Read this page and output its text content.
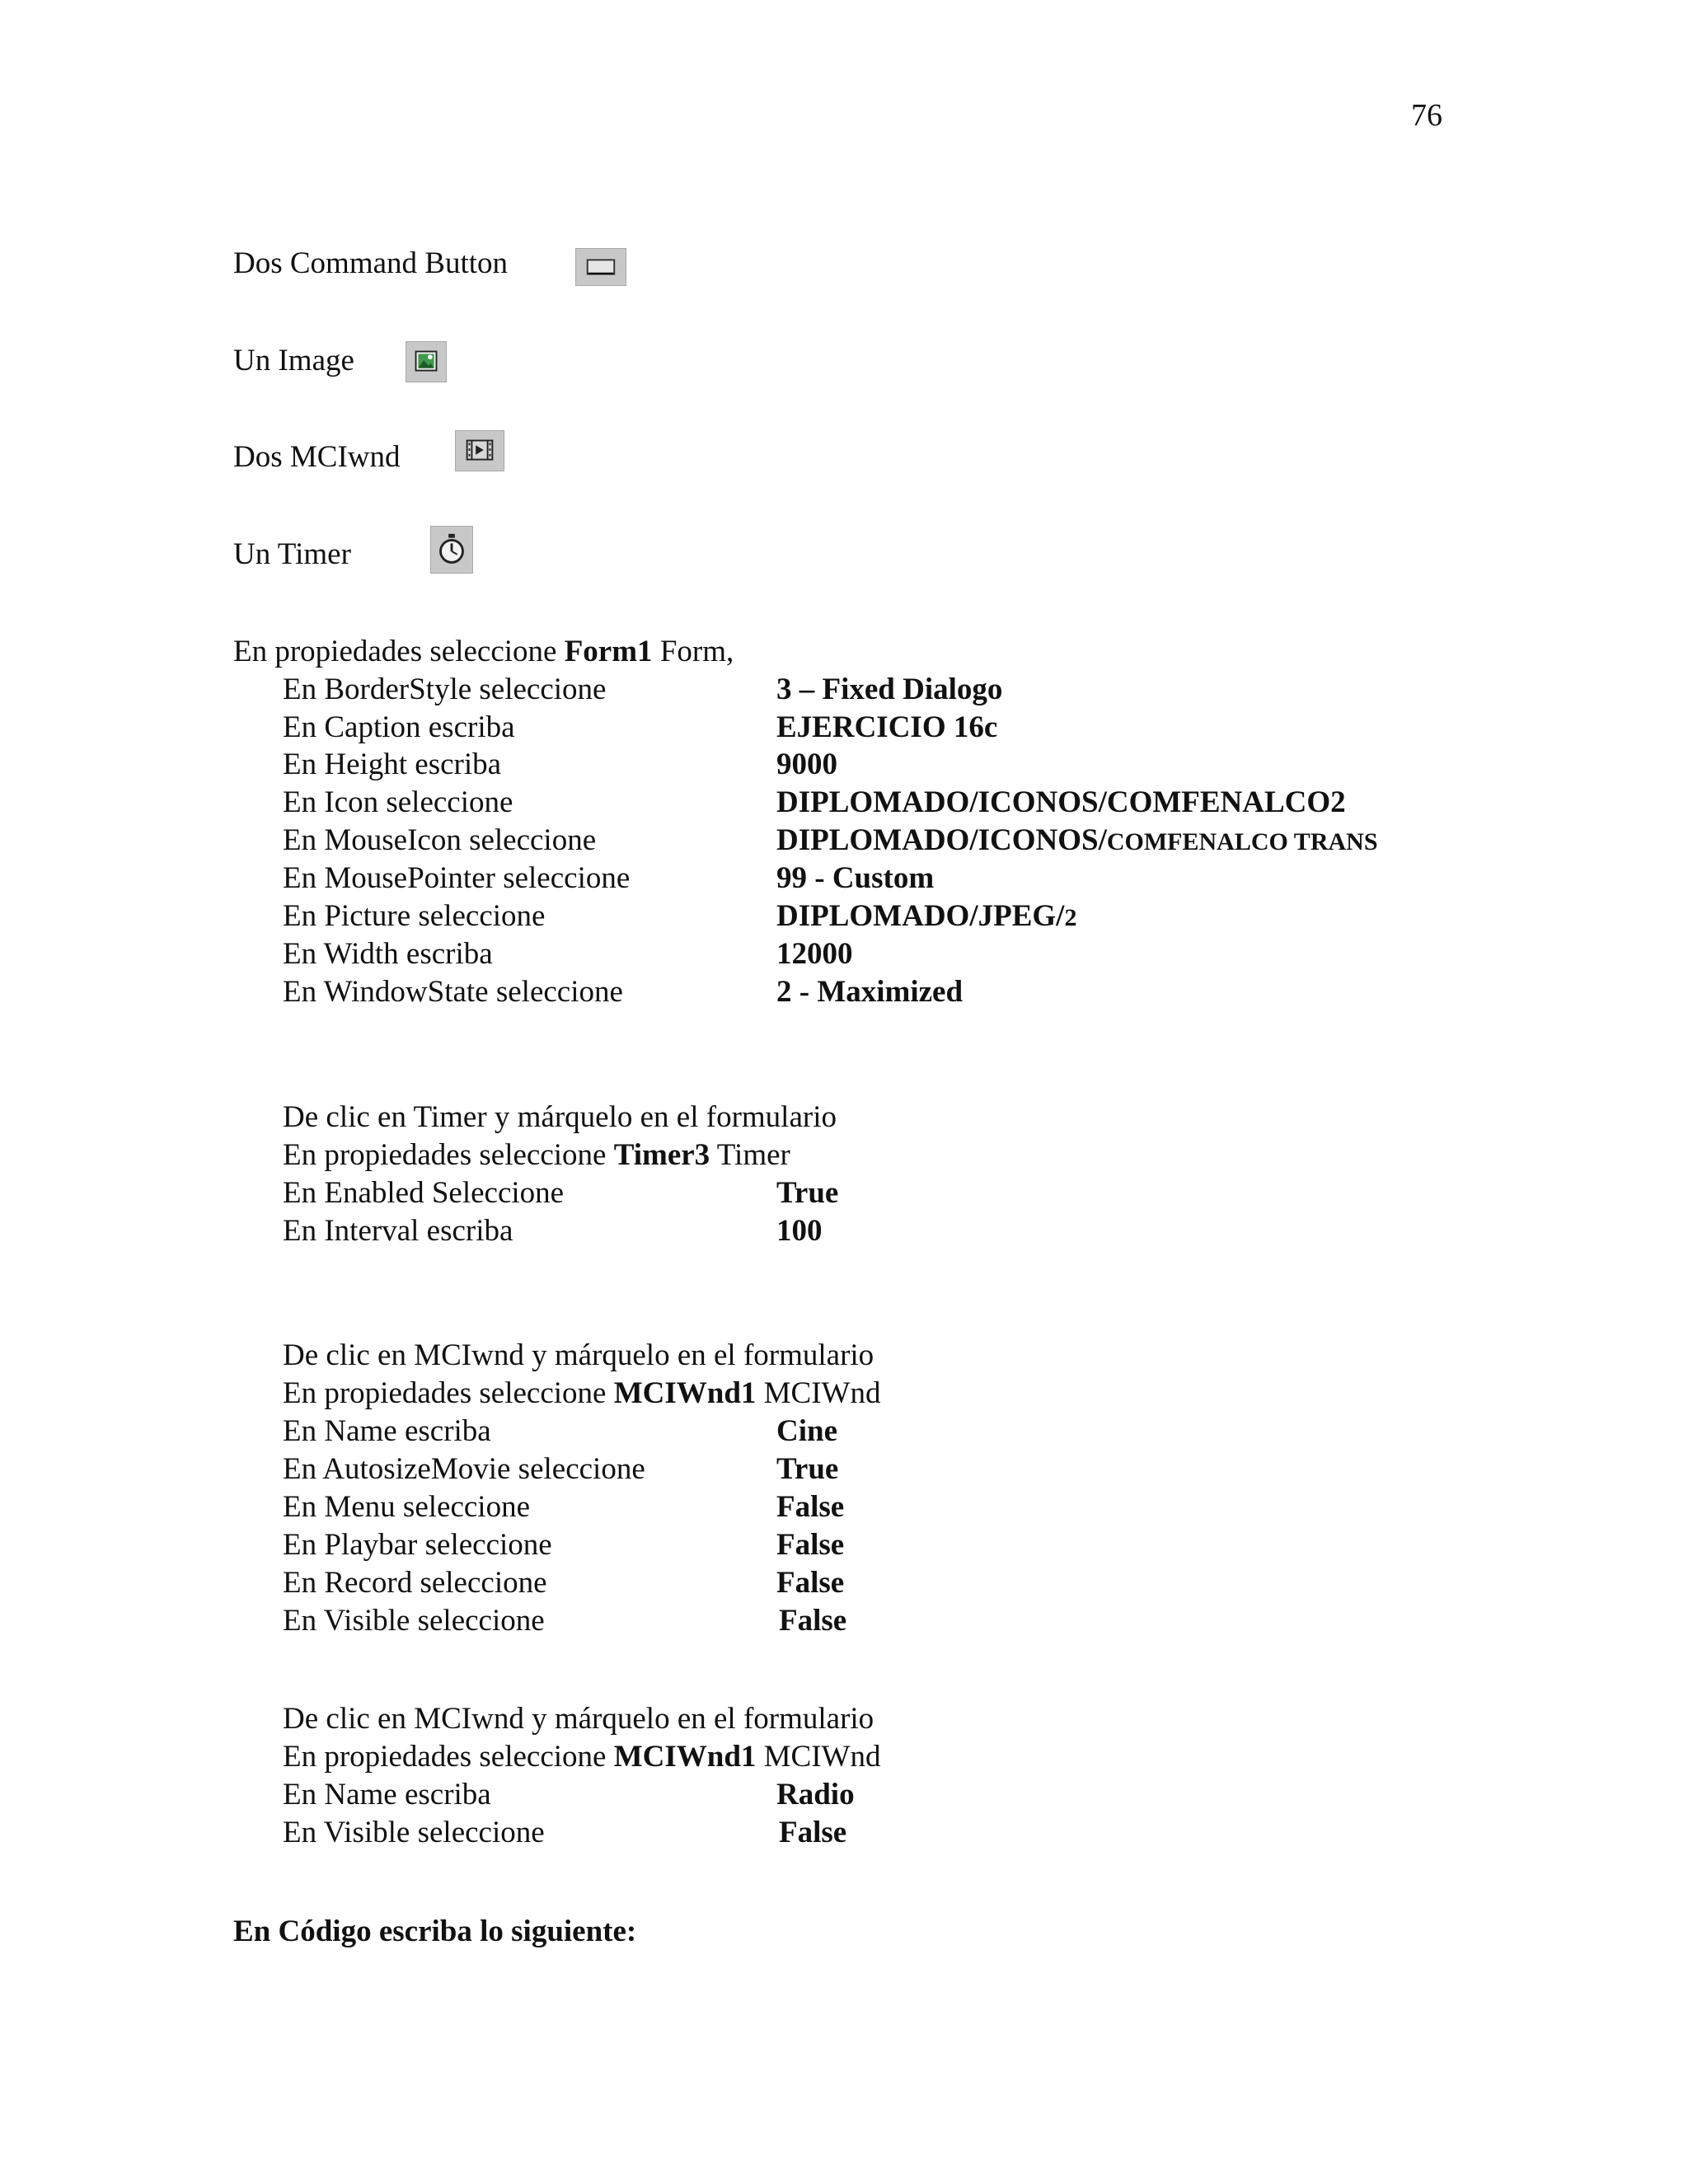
76
Dos Command Button
Un Image
Dos MCIwnd
Un Timer
En propiedades seleccione Form1 Form,
En BorderStyle seleccione	3 – Fixed Dialogo
En Caption escriba	EJERCICIO 16c
En Height escriba	9000
En Icon seleccione	DIPLOMADO/ICONOS/COMFENALCO2
En MouseIcon seleccione	DIPLOMADO/ICONOS/COMFENALCO TRANS
En MousePointer seleccione	99 - Custom
En Picture seleccione	DIPLOMADO/JPEG/2
En Width escriba	12000
En WindowState seleccione	2 - Maximized
De clic en Timer y márquelo en el formulario
En propiedades seleccione Timer3 Timer
En Enabled Seleccione	True
En Interval escriba	100
De clic en MCIwnd y márquelo en el formulario
En propiedades seleccione MCIWnd1 MCIWnd
En Name escriba	Cine
En AutosizeMovie seleccione	True
En Menu seleccione	False
En Playbar seleccione	False
En Record seleccione	False
En Visible seleccione	False
De clic en MCIwnd y márquelo en el formulario
En propiedades seleccione MCIWnd1 MCIWnd
En Name escriba	Radio
En Visible seleccione	False
En Código escriba lo siguiente:
